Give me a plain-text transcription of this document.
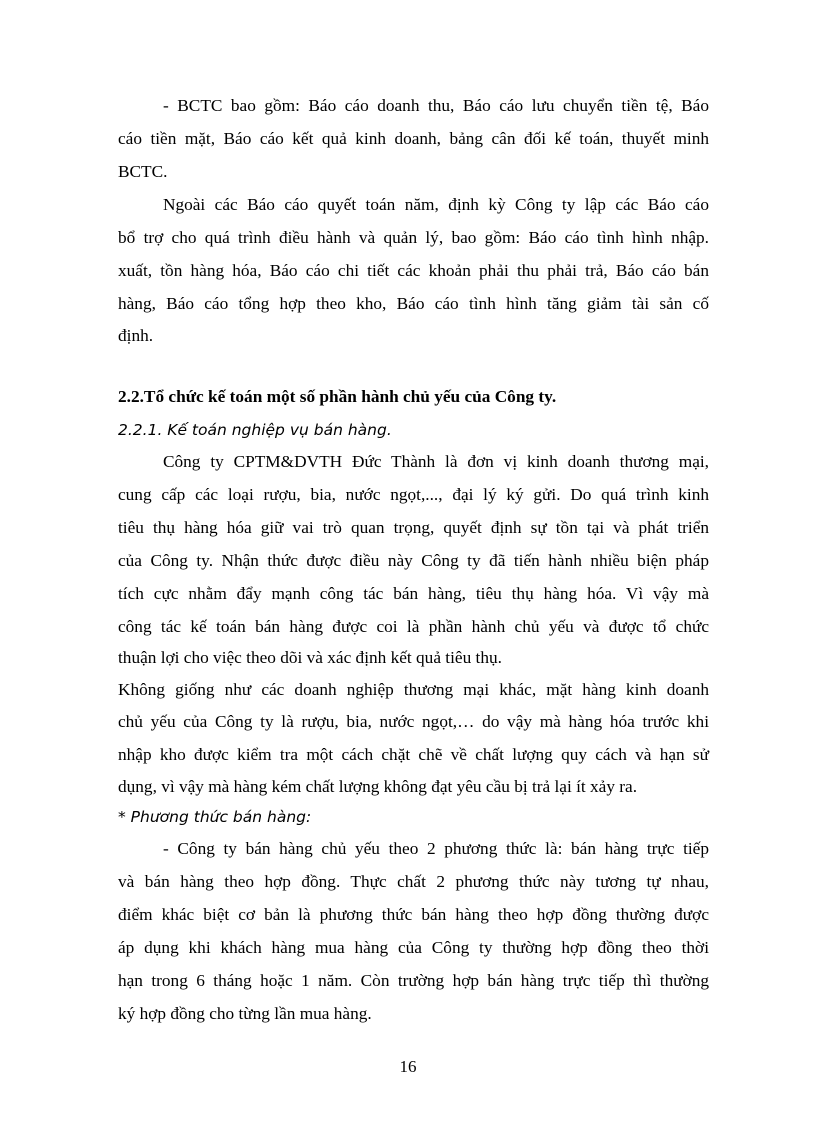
- BCTC bao gồm: Báo cáo doanh thu, Báo cáo lưu chuyển tiền tệ, Báo
cáo tiền mặt, Báo cáo kết quả kinh doanh, bảng cân đối kế toán, thuyết minh
BCTC.
Ngoài các Báo cáo quyết toán năm, định kỳ Công ty lập các Báo cáo
bổ trợ cho quá trình điều hành và quản lý, bao gồm: Báo cáo tình hình nhập.
xuất, tồn hàng hóa, Báo cáo chi tiết các khoản phải thu phải trả, Báo cáo bán
hàng, Báo cáo tổng hợp theo kho, Báo cáo tình hình tăng giảm tài sản cố
định.
2.2.Tổ chức kế toán một số phần hành chủ yếu của Công ty.
2.2.1. Kế toán nghiệp vụ bán hàng.
Công ty CPTM&DVTH Đức Thành là đơn vị kinh doanh thương mại,
cung cấp các loại rượu, bia, nước ngọt,..., đại lý ký gửi. Do quá trình kinh
tiêu thụ hàng hóa giữ vai trò quan trọng, quyết định sự tồn tại và phát triển
của Công ty. Nhận thức được điều này Công ty đã tiến hành nhiều biện pháp
tích cực nhằm đẩy mạnh công tác bán hàng, tiêu thụ hàng hóa. Vì vậy mà
công tác kế toán bán hàng được coi là phần hành chủ yếu và được tổ chức
thuận lợi cho việc theo dõi và xác định kết quả tiêu thụ.
Không giống như các doanh nghiệp thương mại khác, mặt hàng kinh doanh
chủ yếu của Công ty là rượu, bia, nước ngọt,… do vậy mà hàng hóa trước khi
nhập kho được kiểm tra một cách chặt chẽ về chất lượng quy cách và hạn sử
dụng, vì vậy mà hàng kém chất lượng không đạt yêu cầu bị trả lại ít xảy ra.
* Phương thức bán hàng:
- Công ty bán hàng chủ yếu theo 2 phương thức là: bán hàng trực tiếp
và bán hàng theo hợp đồng. Thực chất 2 phương thức này tương tự nhau,
điểm khác biệt cơ bản là phương thức bán hàng theo hợp đồng thường được
áp dụng khi khách hàng mua hàng của Công ty thường hợp đồng theo thời
hạn trong 6 tháng hoặc 1 năm. Còn trường hợp bán hàng trực tiếp thì thường
ký hợp đồng cho từng lần mua hàng.
16
